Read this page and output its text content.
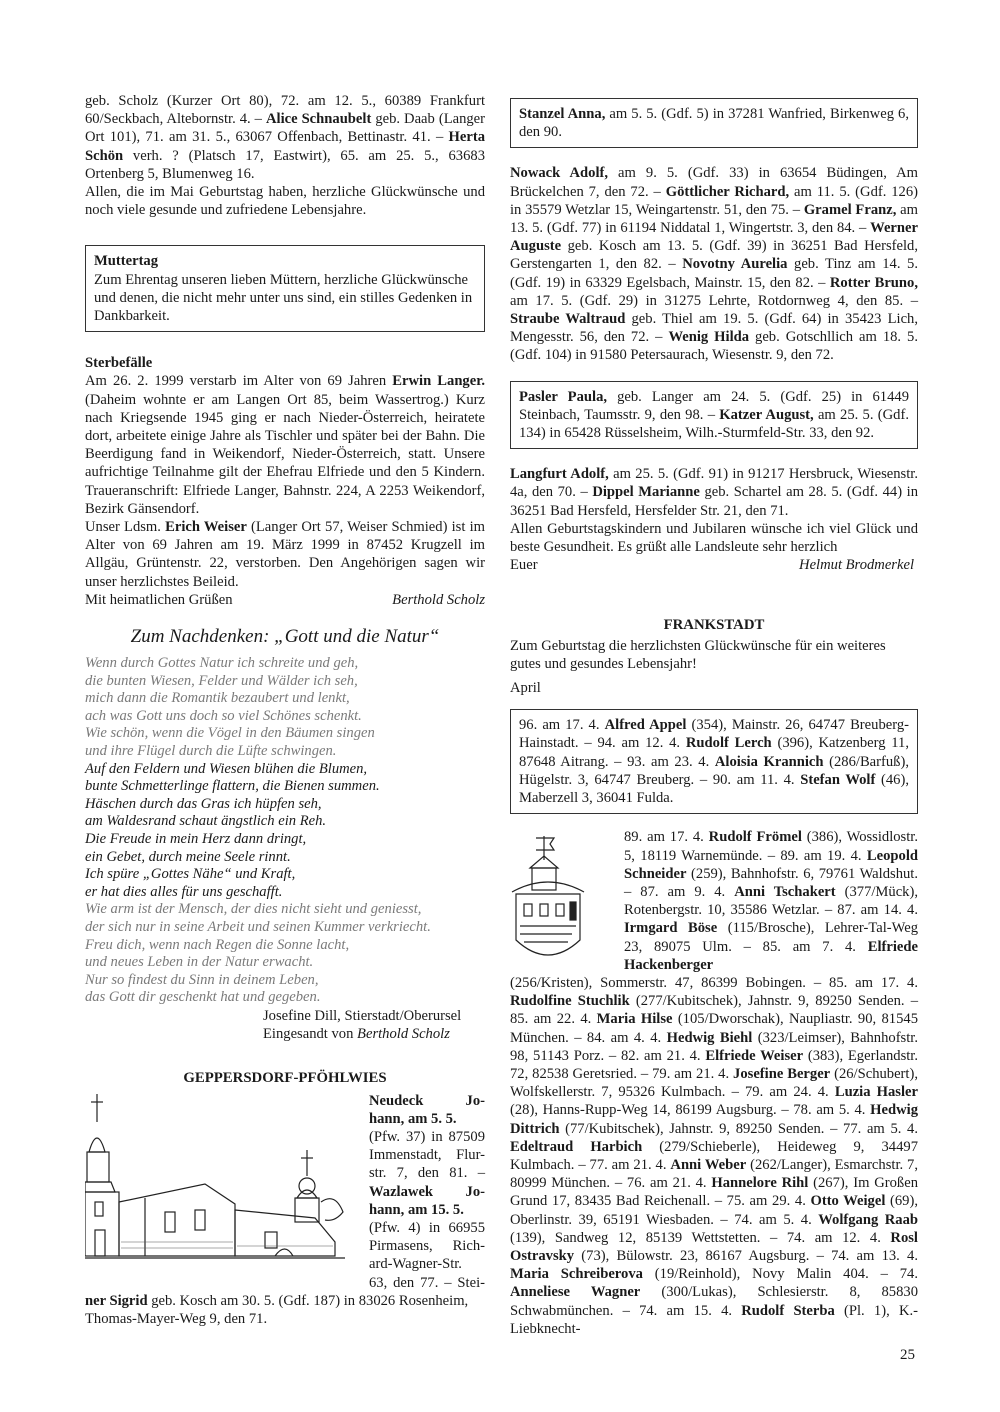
geb. Scholz (Kurzer Ort 80), 72. am 12. 5., 60389 Frankfurt 60/Seckbach, Altebornstr. 4. – Alice Schnaubelt geb. Daab (Langer Ort 101), 71. am 31. 5., 63067 Offenbach, Bettinastr. 41. – Herta Schön verh. ? (Platsch 17, Eastwirt), 65. am 25. 5., 63683 Ortenberg 5, Blumenweg 16.

Allen, die im Mai Geburtstag haben, herzliche Glückwünsche und noch viele gesunde und zufriedene Lebensjahre.

Muttertag

Zum Ehrentag unseren lieben Müttern, herzliche Glückwünsche und denen, die nicht mehr unter uns sind, ein stilles Gedenken in Dankbarkeit.

Sterbefälle

Am 26. 2. 1999 verstarb im Alter von 69 Jahren Erwin Langer. (Daheim wohnte er am Langen Ort 85, beim Wassertrog.) Kurz nach Kriegsende 1945 ging er nach Nieder-Österreich, heiratete dort, arbeitete einige Jahre als Tischler und später bei der Bahn. Die Beerdigung fand in Weikendorf, Nieder-Österreich, statt. Unsere aufrichtige Teilnahme gilt der Ehefrau Elfriede und den 5 Kindern. Traueranschrift: Elfriede Langer, Bahnstr. 224, A 2253 Weikendorf, Bezirk Gänsendorf.

Unser Ldsm. Erich Weiser (Langer Ort 57, Weiser Schmied) ist im Alter von 69 Jahren am 19. März 1999 in 87452 Krugzell im Allgäu, Grüntenstr. 22, verstorben. Den Angehörigen sagen wir unser herzlichstes Beileid.

Mit heimatlichen Grüßen	Berthold Scholz
Zum Nachdenken: „Gott und die Natur“
Wenn durch Gottes Natur ich schreite und geh,
die bunten Wiesen, Felder und Wälder ich seh,
mich dann die Romantik bezaubert und lenkt,
ach was Gott uns doch so viel Schönes schenkt.
Wie schön, wenn die Vögel in den Bäumen singen
und ihre Flügel durch die Lüfte schwingen.
Auf den Feldern und Wiesen blühen die Blumen,
bunte Schmetterlinge flattern, die Bienen summen.
Häschen durch das Gras ich hüpfen seh,
am Waldesrand schaut ängstlich ein Reh.
Die Freude in mein Herz dann dringt,
ein Gebet, durch meine Seele rinnt.
Ich spüre „Gottes Nähe“ und Kraft,
er hat dies alles für uns geschafft.
Wie arm ist der Mensch, der dies nicht sieht und geniesst,
der sich nur in seine Arbeit und seinen Kummer verkriecht.
Freu dich, wenn nach Regen die Sonne lacht,
und neues Leben in der Natur erwacht.
Nur so findest du Sinn in deinem Leben,
das Gott dir geschenkt hat und gegeben.
Josefine Dill, Stierstadt/Oberursel
Eingesandt von Berthold Scholz
GEPPERSDORF-PFÖHLWIES
Neudeck Jo-
hann, am 5. 5.
(Pfw. 37) in 87509
Immenstadt, Flur-
str. 7, den 81. –
Wazlawek Jo-
hann, am 15. 5.
(Pfw. 4) in 66955
Pirmasens, Rich-
ard-Wagner-Str.
63, den 77. – Stei-

ner Sigrid geb. Kosch am 30. 5. (Gdf. 187) in 83026 Rosenheim, Thomas-Mayer-Weg 9, den 71.

Stanzel Anna, am 5. 5. (Gdf. 5) in 37281 Wanfried, Birkenweg 6, den 90.

Nowack Adolf, am 9. 5. (Gdf. 33) in 63654 Büdingen, Am Brückelchen 7, den 72. – Göttlicher Richard, am 11. 5. (Gdf. 126) in 35579 Wetzlar 15, Weingartenstr. 51, den 75. – Gramel Franz, am 13. 5. (Gdf. 77) in 61194 Niddatal 1, Wingertstr. 3, den 84. – Werner Auguste geb. Kosch am 13. 5. (Gdf. 39) in 36251 Bad Hersfeld, Gerstengarten 1, den 82. – Novotny Aurelia geb. Tinz am 14. 5. (Gdf. 19) in 63329 Egelsbach, Mainstr. 15, den 82. – Rotter Bruno, am 17. 5. (Gdf. 29) in 31275 Lehrte, Rotdornweg 4, den 85. – Straube Waltraud geb. Thiel am 19. 5. (Gdf. 64) in 35423 Lich, Mengesstr. 56, den 72. – Wenig Hilda geb. Gotschllich am 18. 5. (Gdf. 104) in 91580 Petersaurach, Wiesenstr. 9, den 72.

Pasler Paula, geb. Langer am 24. 5. (Gdf. 25) in 61449 Steinbach, Taumsstr. 9, den 98. – Katzer August, am 25. 5. (Gdf. 134) in 65428 Rüsselsheim, Wilh.-Sturmfeld-Str. 33, den 92.

Langfurt Adolf, am 25. 5. (Gdf. 91) in 91217 Hersbruck, Wiesenstr. 4a, den 70. – Dippel Marianne geb. Schartel am 28. 5. (Gdf. 44) in 36251 Bad Hersfeld, Hersfelder Str. 21, den 71.

Allen Geburtstagskindern und Jubilaren wünsche ich viel Glück und beste Gesundheit. Es grüßt alle Landsleute sehr herzlich

Euer	Helmut Brodmerkel
FRANKSTADT

Zum Geburtstag die herzlichsten Glückwünsche für ein weiteres gutes und gesundes Lebensjahr!

April

96. am 17. 4. Alfred Appel (354), Mainstr. 26, 64747 Breuberg-Hainstadt. – 94. am 12. 4. Rudolf Lerch (396), Katzenberg 11, 87648 Aitrang. – 93. am 23. 4. Aloisia Krannich (286/Barfuß), Hügelstr. 3, 64747 Breuberg. – 90. am 11. 4. Stefan Wolf (46), Maberzell 3, 36041 Fulda.

89. am 17. 4. Rudolf Frömel (386), Wossidlostr. 5, 18119 Warnemünde. – 89. am 19. 4. Leopold Schneider (259), Bahnhofstr. 6, 79761 Waldshut. – 87. am 9. 4. Anni Tschakert (377/Mück), Rotenbergstr. 10, 35586 Wetzlar. – 87. am 14. 4. Irmgard Böse (115/Brosche), Lehrer-Tal-Weg 23, 89075 Ulm. – 85. am 7. 4. Elfriede Hackenberger

(256/Kristen), Sommerstr. 47, 86399 Bobingen. – 85. am 17. 4. Rudolfine Stuchlik (277/Kubitschek), Jahnstr. 9, 89250 Senden. – 85. am 22. 4. Maria Hilse (105/Dworschak), Naupliastr. 90, 81545 München. – 84. am 4. 4. Hedwig Biehl (323/Leimser), Bahnhofstr. 98, 51143 Porz. – 82. am 21. 4. Elfriede Weiser (383), Egerlandstr. 72, 82538 Geretsried. – 79. am 21. 4. Josefine Berger (26/Schubert), Wolfskellerstr. 7, 95326 Kulmbach. – 79. am 24. 4. Luzia Hasler (28), Hanns-Rupp-Weg 14, 86199 Augsburg. – 78. am 5. 4. Hedwig Dittrich (77/Kubitschek), Jahnstr. 9, 89250 Senden. – 77. am 5. 4. Edeltraud Harbich (279/Schieberle), Heideweg 9, 34497 Kulmbach. – 77. am 21. 4. Anni Weber (262/Langer), Esmarchstr. 7, 80999 München. – 76. am 21. 4. Hannelore Rihl (267), Im Großen Grund 17, 83435 Bad Reichenall. – 75. am 29. 4. Otto Weigel (69), Oberlinstr. 39, 65191 Wiesbaden. – 74. am 5. 4. Wolfgang Raab (139), Sandweg 12, 85139 Wettstetten. – 74. am 12. 4. Rosl Ostravsky (73), Bülowstr. 23, 86167 Augsburg. – 74. am 13. 4. Maria Schreiberova (19/Reinhold), Novy Malin 404. – 74. Anneliese Wagner (300/Lukas), Schlesierstr. 8, 85830 Schwabmünchen. – 74. am 15. 4. Rudolf Sterba (Pl. 1), K.-Liebknecht-

25
